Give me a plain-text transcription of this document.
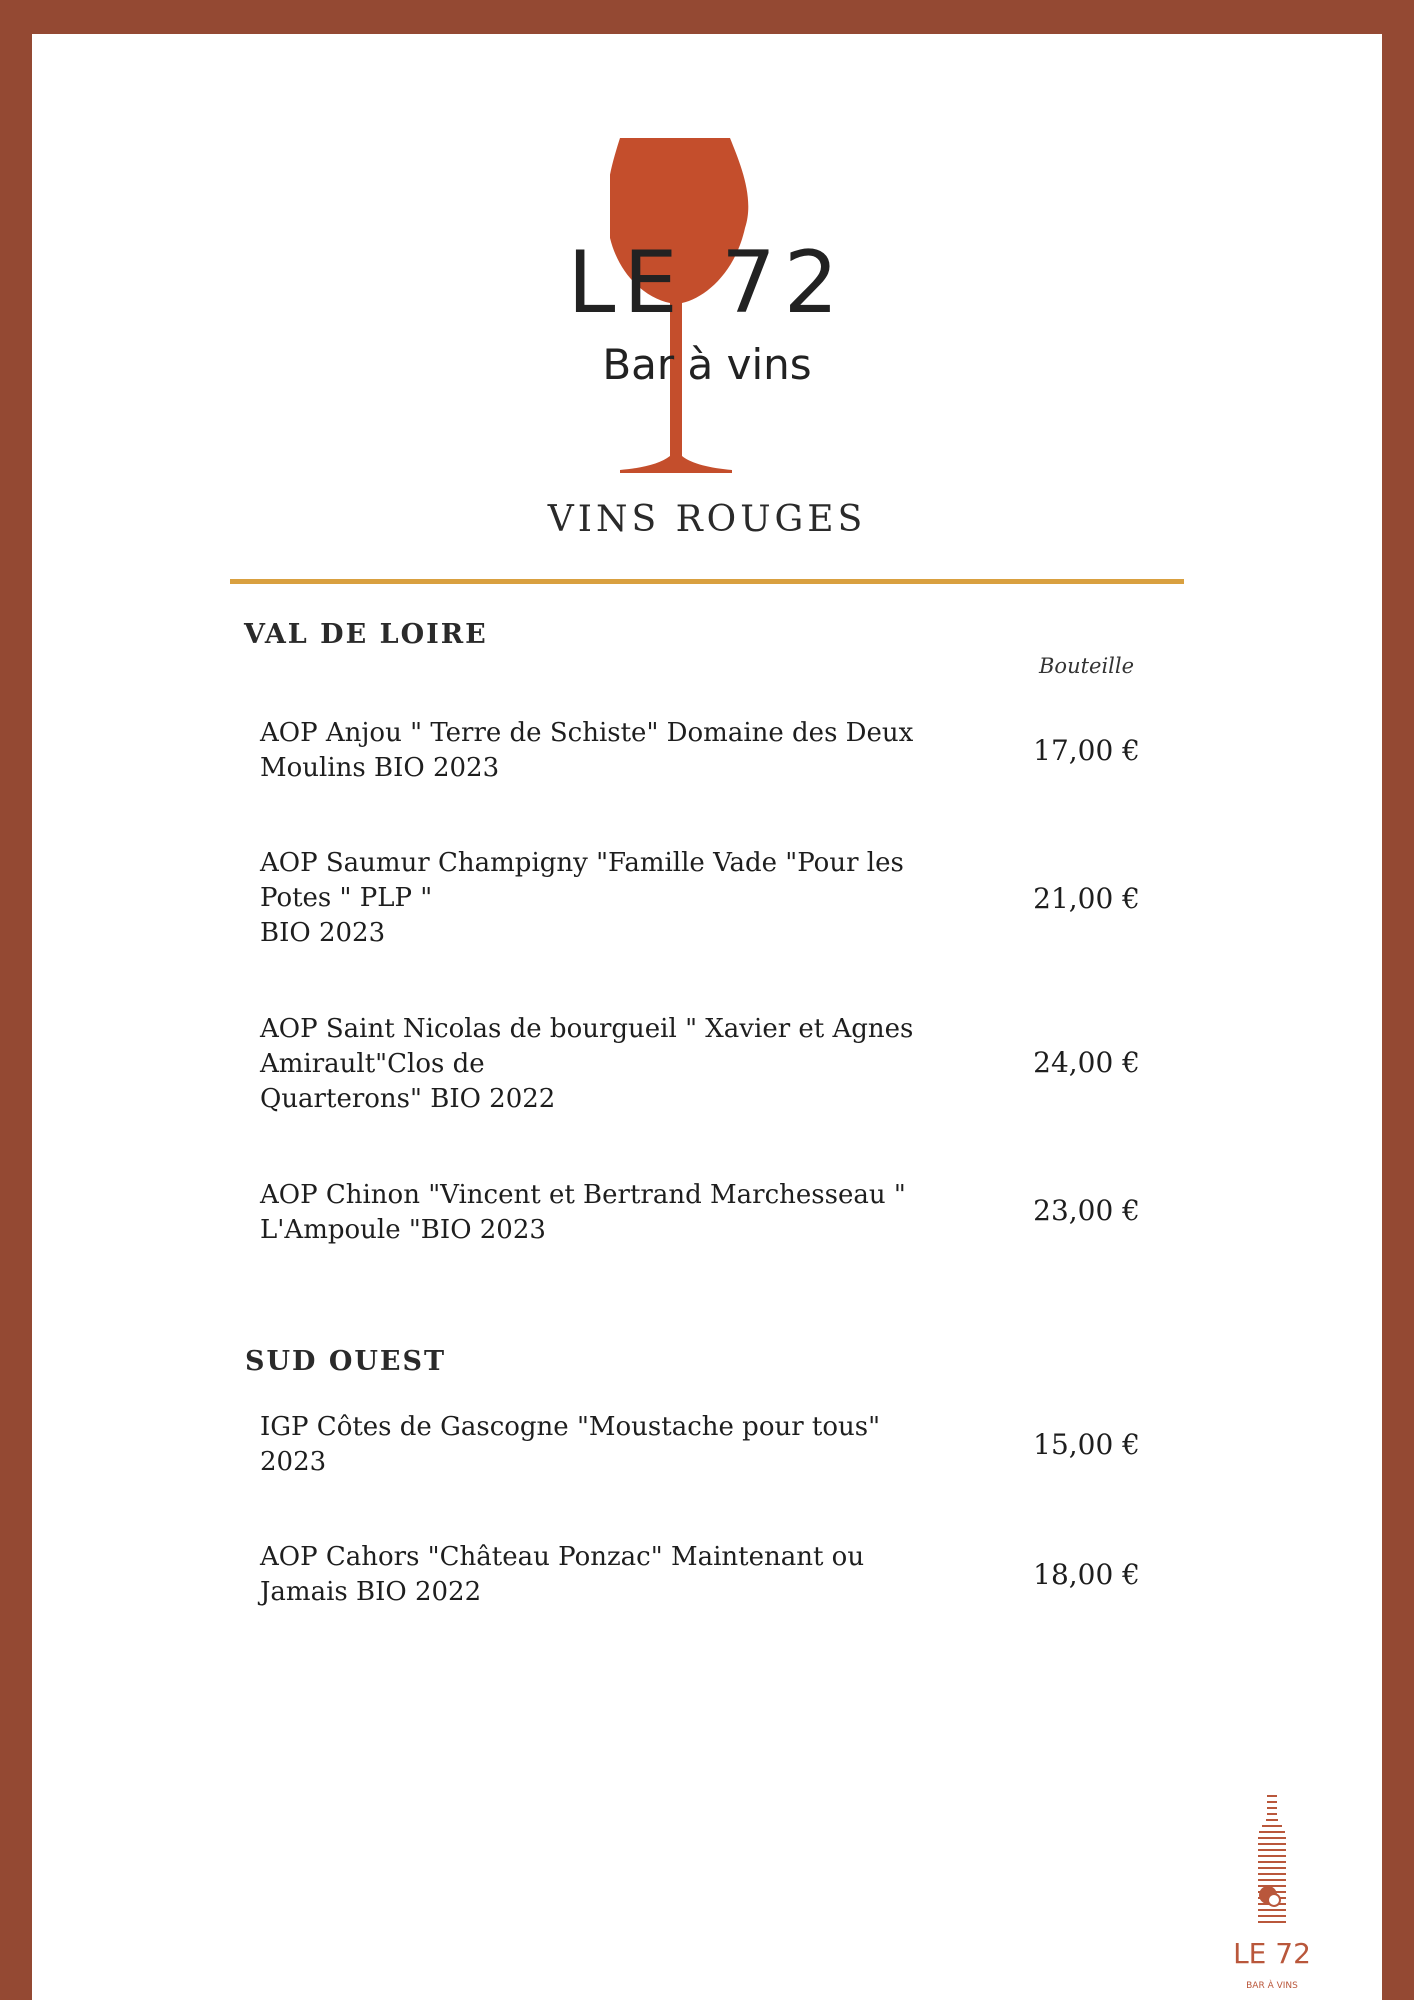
LE 72
Bar à vins
VINS ROUGES
VAL DE LOIRE
Bouteille
AOP Anjou " Terre de Schiste" Domaine des Deux
Moulins BIO 2023
17,00 €
AOP Saumur Champigny "Famille Vade "Pour les
Potes " PLP "
BIO 2023
21,00 €
AOP Saint Nicolas de bourgueil " Xavier et Agnes
Amirault"Clos de
Quarterons" BIO 2022
24,00 €
AOP Chinon "Vincent et Bertrand Marchesseau "
L'Ampoule "BIO 2023
23,00 €
SUD OUEST
IGP Côtes de Gascogne "Moustache pour tous"
2023
15,00 €
AOP Cahors "Château Ponzac" Maintenant ou
Jamais BIO 2022
18,00 €
LE 72
BAR À VINS
